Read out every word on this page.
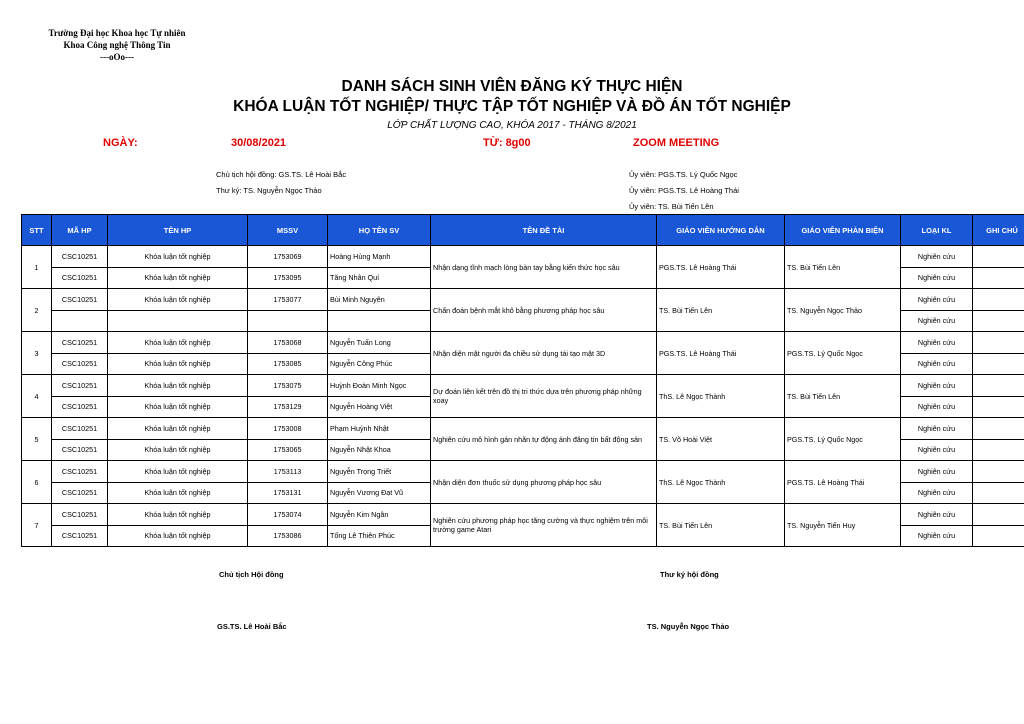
Trường Đại học Khoa học Tự nhiên
Khoa Công nghệ Thông Tin
---oOo---
DANH SÁCH SINH VIÊN ĐĂNG KÝ THỰC HIỆN
KHÓA LUẬN TỐT NGHIỆP/ THỰC TẬP TỐT NGHIỆP VÀ ĐỒ ÁN TỐT NGHIỆP
LỚP CHẤT LƯỢNG CAO, KHÓA 2017 - THÁNG 8/2021
NGÀY:	30/08/2021	TỪ: 8g00	ZOOM MEETING
Chủ tịch hội đồng: GS.TS. Lê Hoài Bắc
Thư ký: TS. Nguyễn Ngọc Thảo
Ủy viên: PGS.TS. Lý Quốc Ngọc
Ủy viên: PGS.TS. Lê Hoàng Thái
Ủy viên: TS. Bùi Tiến Lên
STT	MÃ HP	TÊN HP	MSSV	HỌ TÊN SV	TÊN ĐỀ TÀI	GIÁO VIÊN HƯỚNG DẪN	GIÁO VIÊN PHẢN BIỆN	LOẠI KL	GHI CHÚ
1	CSC10251	Khóa luận tốt nghiệp	1753069	Hoàng Hùng Mạnh	Nhận dạng tĩnh mạch lòng bàn tay bằng kiến thức học sâu	PGS.TS. Lê Hoàng Thái	TS. Bùi Tiến Lên	Nghiên cứu	
	CSC10251	Khóa luận tốt nghiệp	1753095	Tăng Nhân Quí				Nghiên cứu	
2	CSC10251	Khóa luận tốt nghiệp	1753077	Bùi Minh Nguyên	Chẩn đoán bệnh mắt khô bằng phương pháp học sâu	TS. Bùi Tiến Lên	TS. Nguyễn Ngọc Thảo	Nghiên cứu	
								Nghiên cứu	
3	CSC10251	Khóa luận tốt nghiệp	1753068	Nguyễn Tuấn Long	Nhận diện mặt người đa chiều sử dụng tái tạo mặt 3D	PGS.TS. Lê Hoàng Thái	PGS.TS. Lý Quốc Ngọc	Nghiên cứu	
	CSC10251	Khóa luận tốt nghiệp	1753085	Nguyễn Công Phúc				Nghiên cứu	
4	CSC10251	Khóa luận tốt nghiệp	1753075	Huỳnh Đoàn Minh Ngọc	Dự đoán liên kết trên đồ thị tri thức dựa trên phương pháp những xoay	ThS. Lê Ngọc Thành	TS. Bùi Tiến Lên	Nghiên cứu	
	CSC10251	Khóa luận tốt nghiệp	1753129	Nguyễn Hoàng Việt				Nghiên cứu	
5	CSC10251	Khóa luận tốt nghiệp	1753008	Phạm Huỳnh Nhật	Nghiên cứu mô hình gán nhãn tự động ảnh đăng tin bất động sản	TS. Võ Hoài Việt	PGS.TS. Lý Quốc Ngọc	Nghiên cứu	
	CSC10251	Khóa luận tốt nghiệp	1753065	Nguyễn Nhật Khoa				Nghiên cứu	
6	CSC10251	Khóa luận tốt nghiệp	1753113	Nguyễn Trọng Triết	Nhận diện đơn thuốc sử dụng phương pháp học sâu	ThS. Lê Ngọc Thành	PGS.TS. Lê Hoàng Thái	Nghiên cứu	
	CSC10251	Khóa luận tốt nghiệp	1753131	Nguyễn Vương Đạt Vũ				Nghiên cứu	
7	CSC10251	Khóa luận tốt nghiệp	1753074	Nguyễn Kim Ngân	Nghiên cứu phương pháp học tăng cường và thực nghiệm trên môi trường game Atari	TS. Bùi Tiến Lên	TS. Nguyễn Tiến Huy	Nghiên cứu	
	CSC10251	Khóa luận tốt nghiệp	1753086	Tống Lê Thiên Phúc				Nghiên cứu	
Chủ tịch Hội đồng	Thư ký hội đồng
GS.TS. Lê Hoài Bắc	TS. Nguyễn Ngọc Thảo
